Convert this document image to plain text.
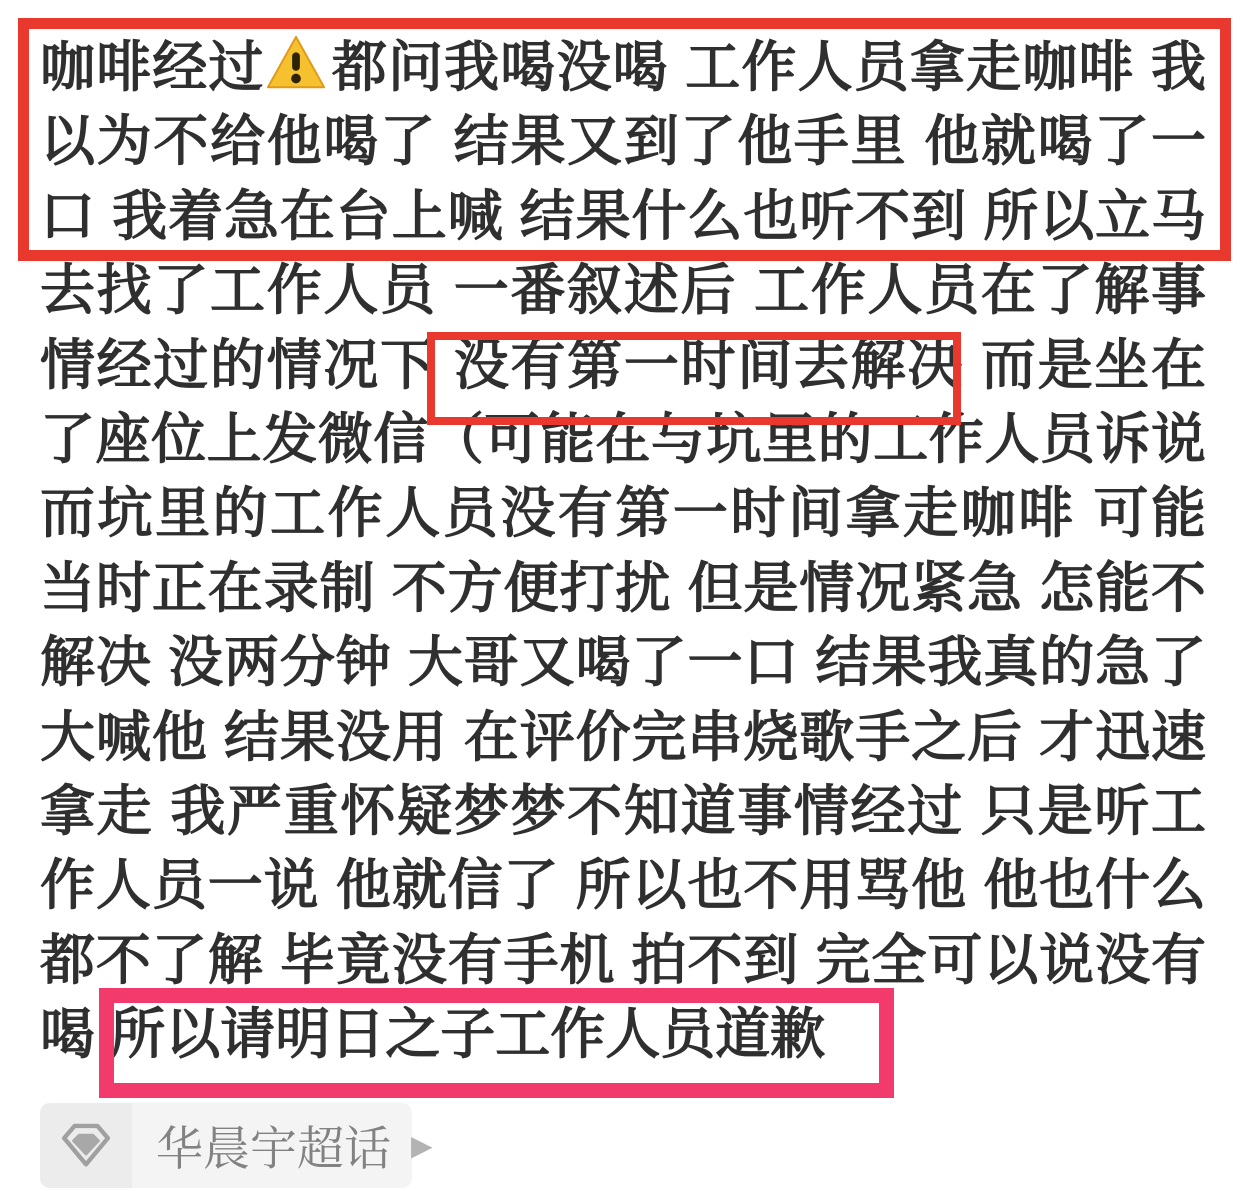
咖啡经过 都问我喝没喝 工作人员拿走咖啡 我
以为不给他喝了 结果又到了他手里 他就喝了一
口 我着急在台上喊 结果什么也听不到 所以立马
去找了工作人员 一番叙述后 工作人员在了解事
情经过的情况下 没有第一时间去解决 而是坐在
了座位上发微信（可能在与坑里的工作人员诉说
而坑里的工作人员没有第一时间拿走咖啡 可能
当时正在录制 不方便打扰 但是情况紧急 怎能不
解决 没两分钟 大哥又喝了一口 结果我真的急了
大喊他 结果没用 在评价完串烧歌手之后 才迅速
拿走 我严重怀疑梦梦不知道事情经过 只是听工
作人员一说 他就信了 所以也不用骂他 他也什么
都不了解 毕竟没有手机 拍不到 完全可以说没有
喝 所以请明日之子工作人员道歉
华晨宇超话 ▶
